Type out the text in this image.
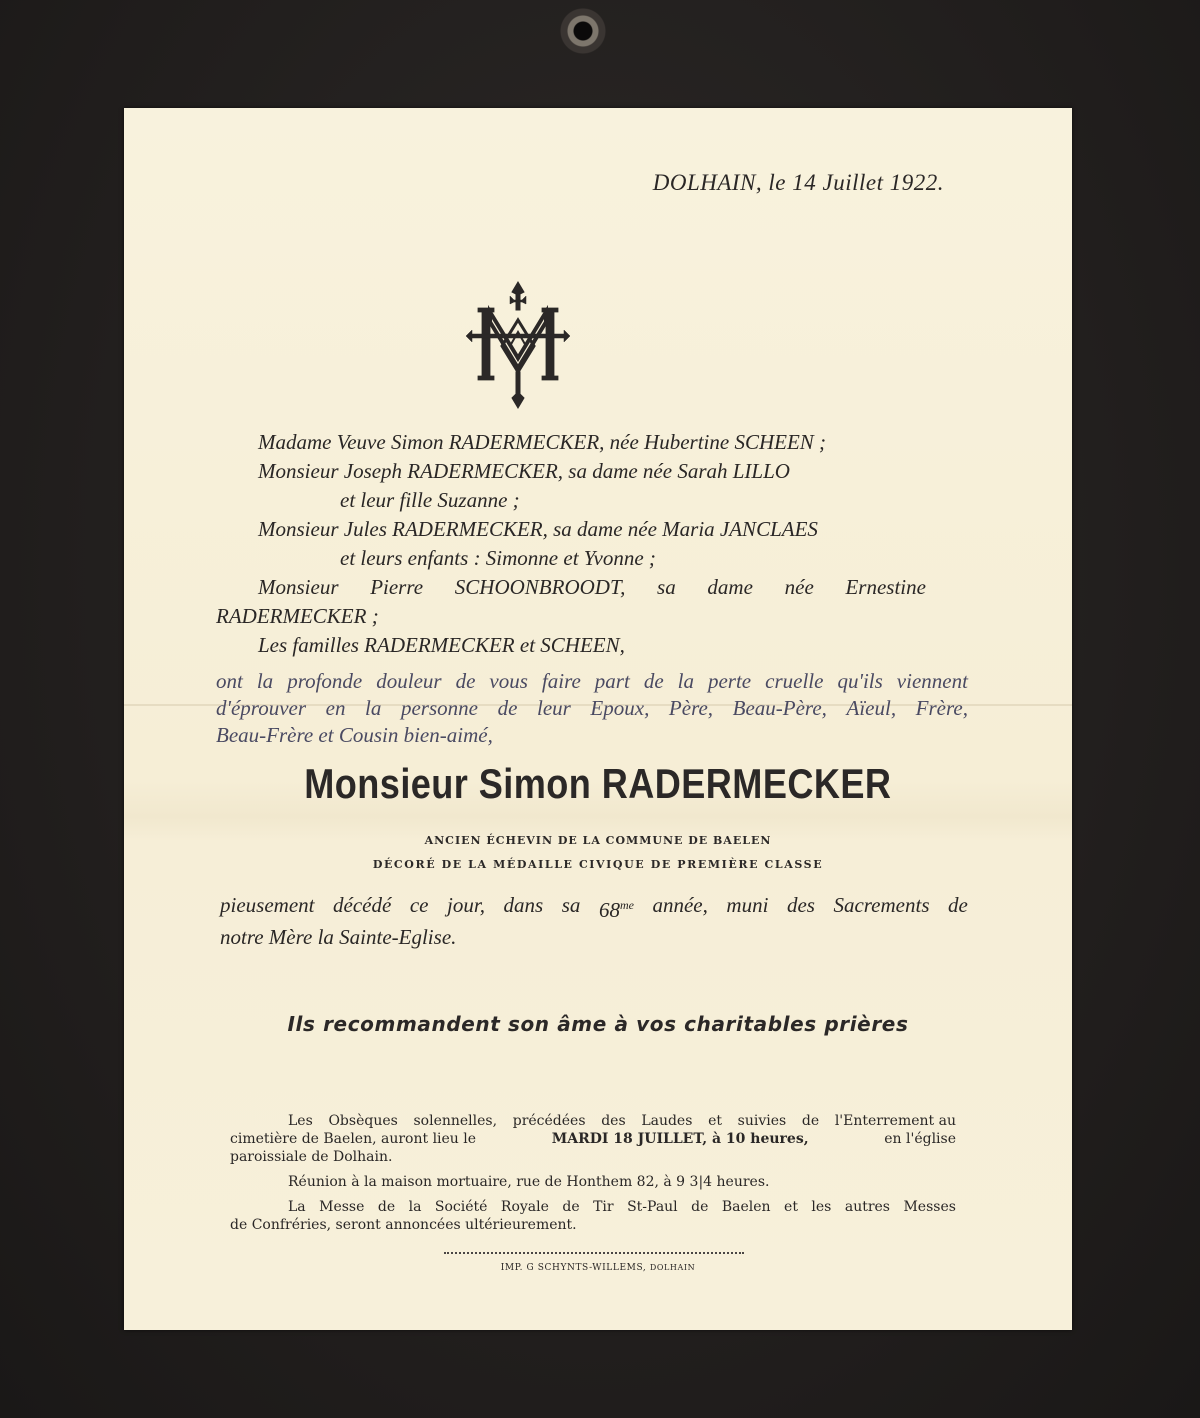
DOLHAIN, le 14 Juillet 1922.
Madame Veuve Simon RADERMECKER, née Hubertine SCHEEN ;
Monsieur Joseph RADERMECKER, sa dame née Sarah LILLO
et leur fille Suzanne ;
Monsieur Jules RADERMECKER, sa dame née Maria JANCLAES
et leurs enfants : Simonne et Yvonne ;
Monsieur Pierre SCHOONBROODT, sa dame née Ernestine
RADERMECKER ;
Les familles RADERMECKER et SCHEEN,
ont la profonde douleur de vous faire part de la perte cruelle qu'ils viennent
d'éprouver en la personne de leur Epoux, Père, Beau-Père, Aïeul, Frère,
Beau-Frère et Cousin bien-aimé,
Monsieur Simon RADERMECKER
ANCIEN ÉCHEVIN DE LA COMMUNE DE BAELEN
DÉCORÉ DE LA MÉDAILLE CIVIQUE DE PREMIÈRE CLASSE
pieusement décédé ce jour, dans sa $68^{me}$ année, muni des Sacrements de
notre Mère la Sainte-Eglise.
Ils recommandent son âme à vos charitables prières
Les Obsèques solennelles, précédées des Laudes et suivies de l'Enterrement au
cimetière de Baelen, auront lieu le	MARDI 18 JUILLET, à 10 heures,	en l'église
paroissiale de Dolhain.
Réunion à la maison mortuaire, rue de Honthem 82, à 9 3|4 heures.
La Messe de la Société Royale de Tir St-Paul de Baelen et les autres Messes
de Confréries, seront annoncées ultérieurement.
IMP. G SCHYNTS-WILLEMS, DOLHAIN
